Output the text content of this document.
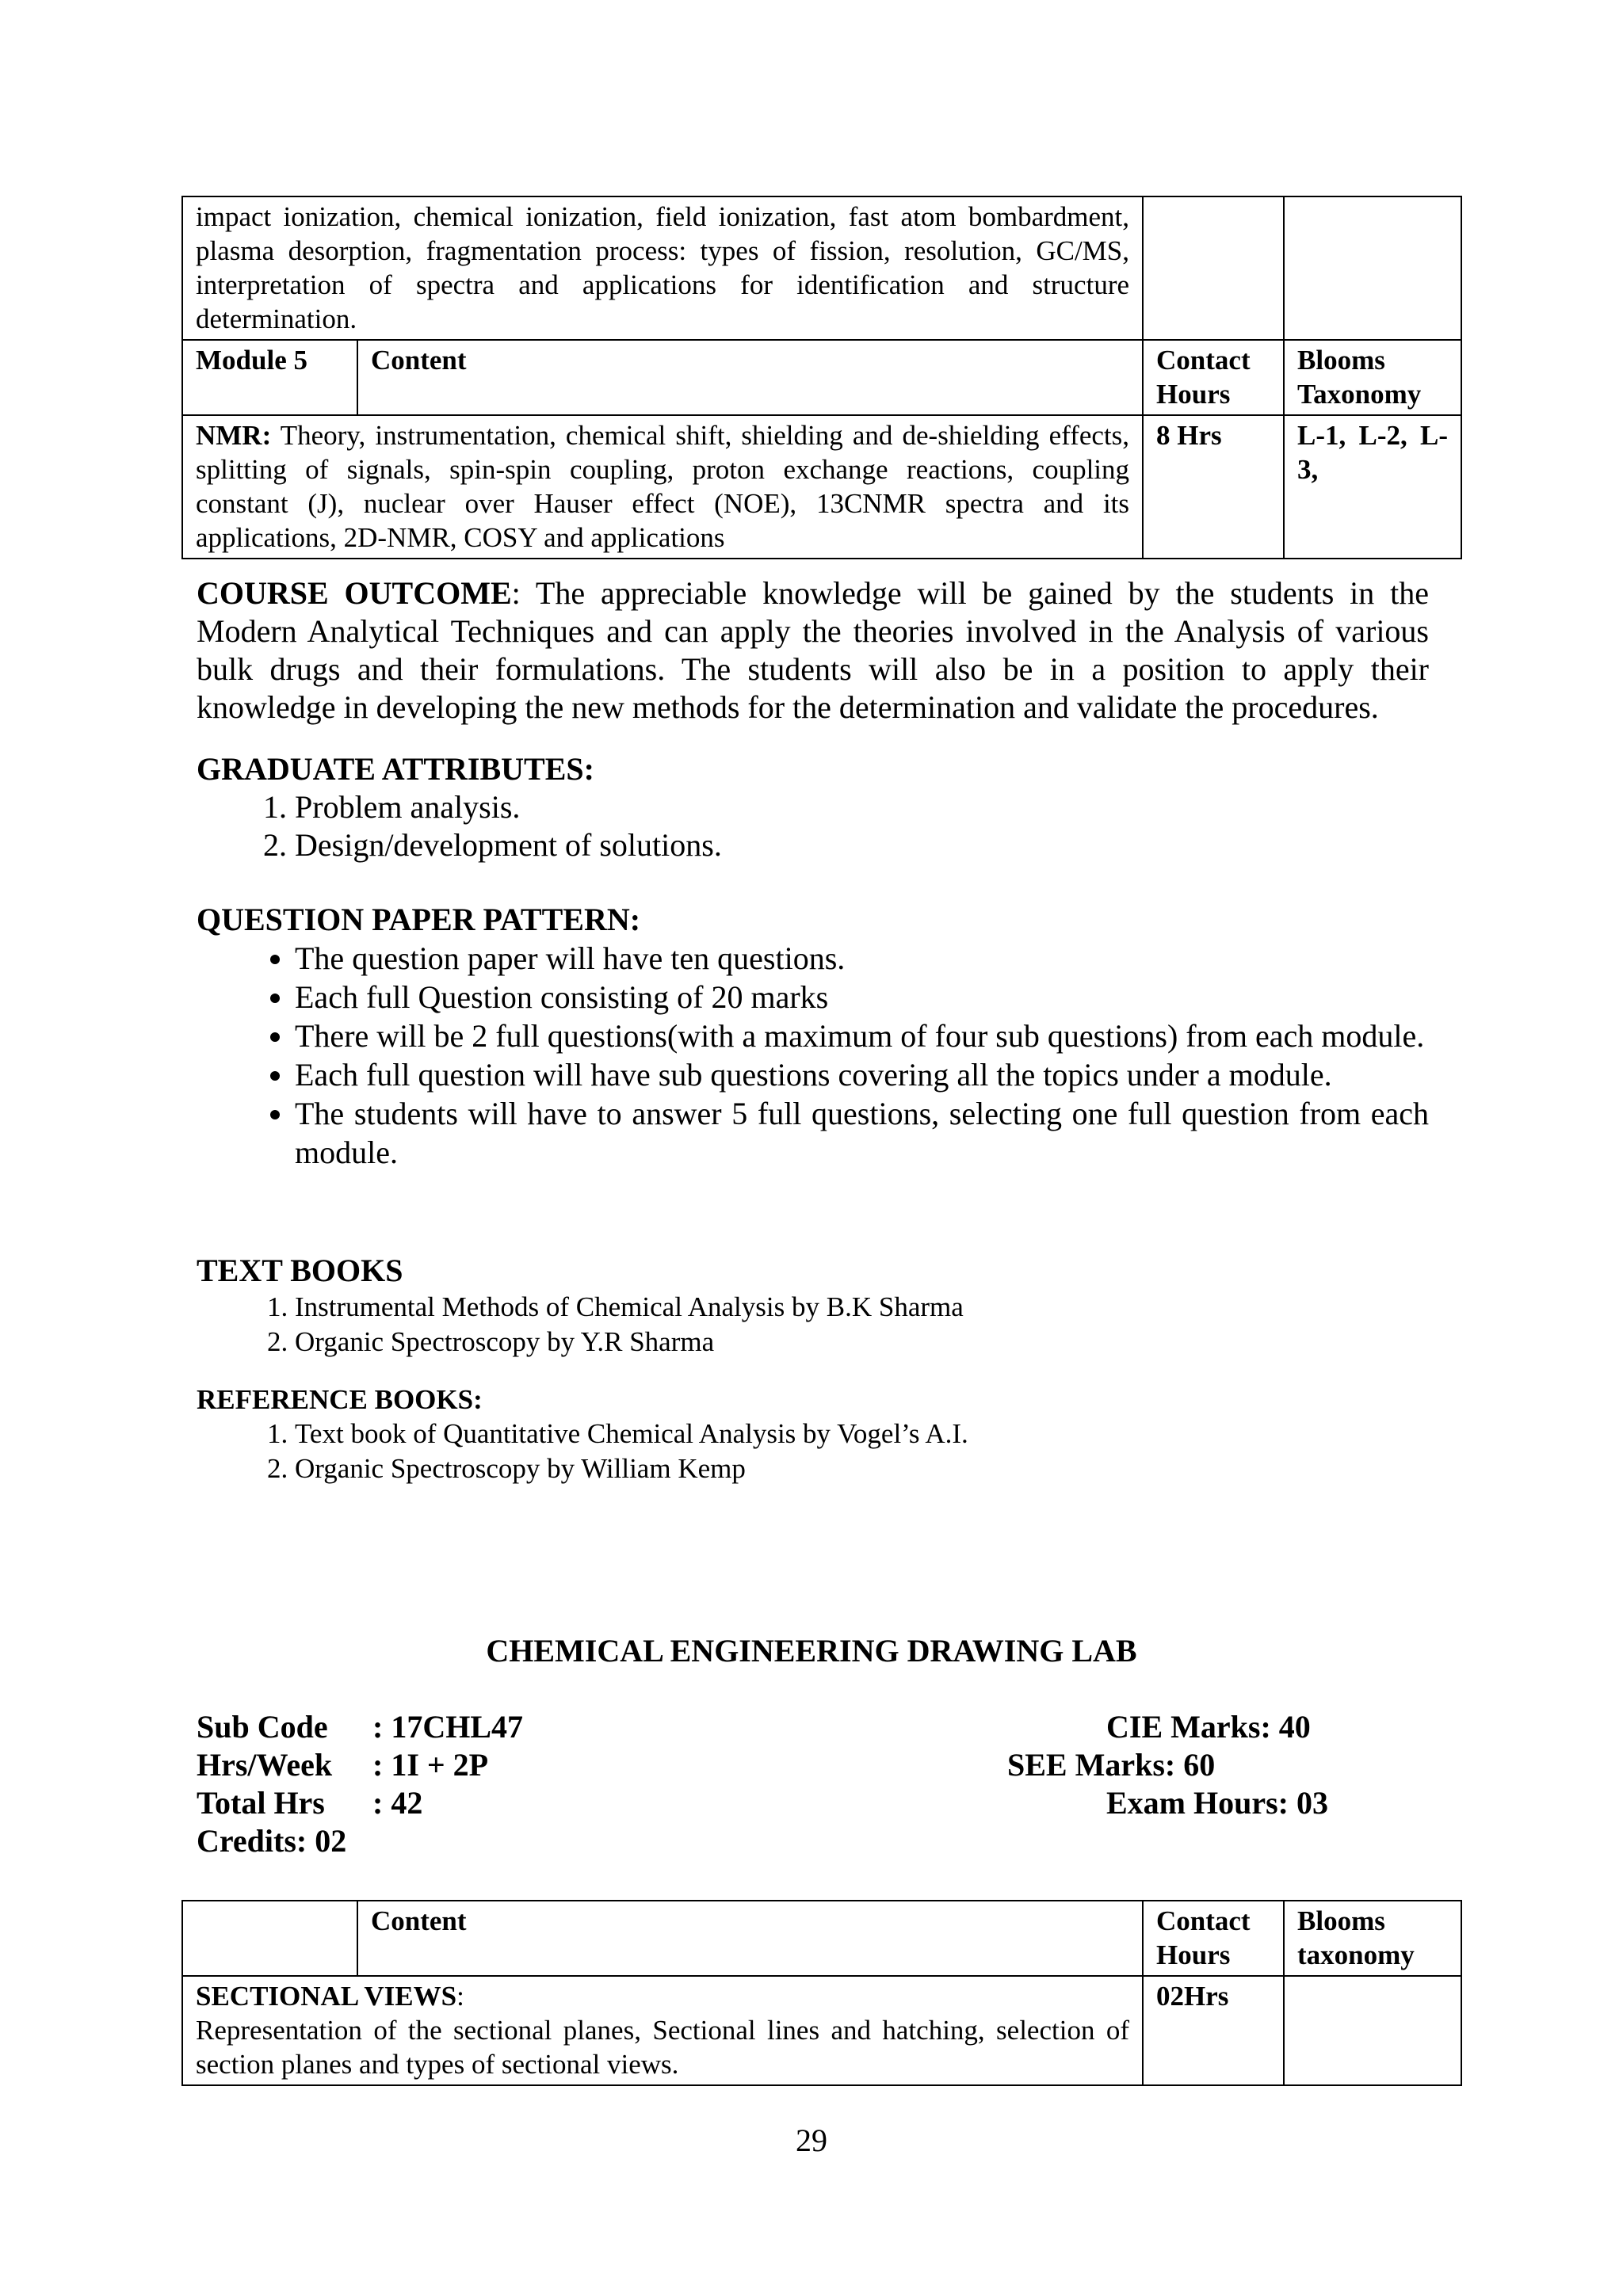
impact ionization, chemical ionization, field ionization, fast atom bombardment, plasma desorption, fragmentation process: types of fission, resolution, GC/MS, interpretation of spectra and applications for identification and structure determination.			
Module 5	Content	Contact Hours	Blooms Taxonomy
NMR: Theory, instrumentation, chemical shift, shielding and de-shielding effects, splitting of signals, spin-spin coupling, proton exchange reactions, coupling constant (J), nuclear over Hauser effect (NOE), 13CNMR spectra and its applications, 2D-NMR, COSY and applications		8 Hrs	L-1, L-2, L-3,
COURSE OUTCOME: The appreciable knowledge will be gained by the students in the Modern Analytical Techniques and can apply the theories involved in the Analysis of various bulk drugs and their formulations. The students will also be in a position to apply their knowledge in developing the new methods for the determination and validate the procedures.
GRADUATE ATTRIBUTES:
1. Problem analysis.
2. Design/development of solutions.
QUESTION PAPER PATTERN:
• The question paper will have ten questions.
• Each full Question consisting of 20 marks
• There will be 2 full questions(with a maximum of four sub questions) from each module.
• Each full question will have sub questions covering all the topics under a module.
• The students will have to answer 5 full questions, selecting one full question from each module.
TEXT BOOKS
1. Instrumental Methods of Chemical Analysis by B.K Sharma
2. Organic Spectroscopy by Y.R Sharma
REFERENCE BOOKS:
1. Text book of Quantitative Chemical Analysis by Vogel’s A.I.
2. Organic Spectroscopy by William Kemp
CHEMICAL ENGINEERING DRAWING LAB
Sub Code : 17CHL47
Hrs/Week : 1I + 2P
Total Hrs : 42
Credits: 02
CIE Marks: 40
SEE Marks: 60
Exam Hours: 03
	Content	Contact Hours	Blooms taxonomy
SECTIONAL VIEWS:
Representation of the sectional planes, Sectional lines and hatching, selection of section planes and types of sectional views.		02Hrs	
29
